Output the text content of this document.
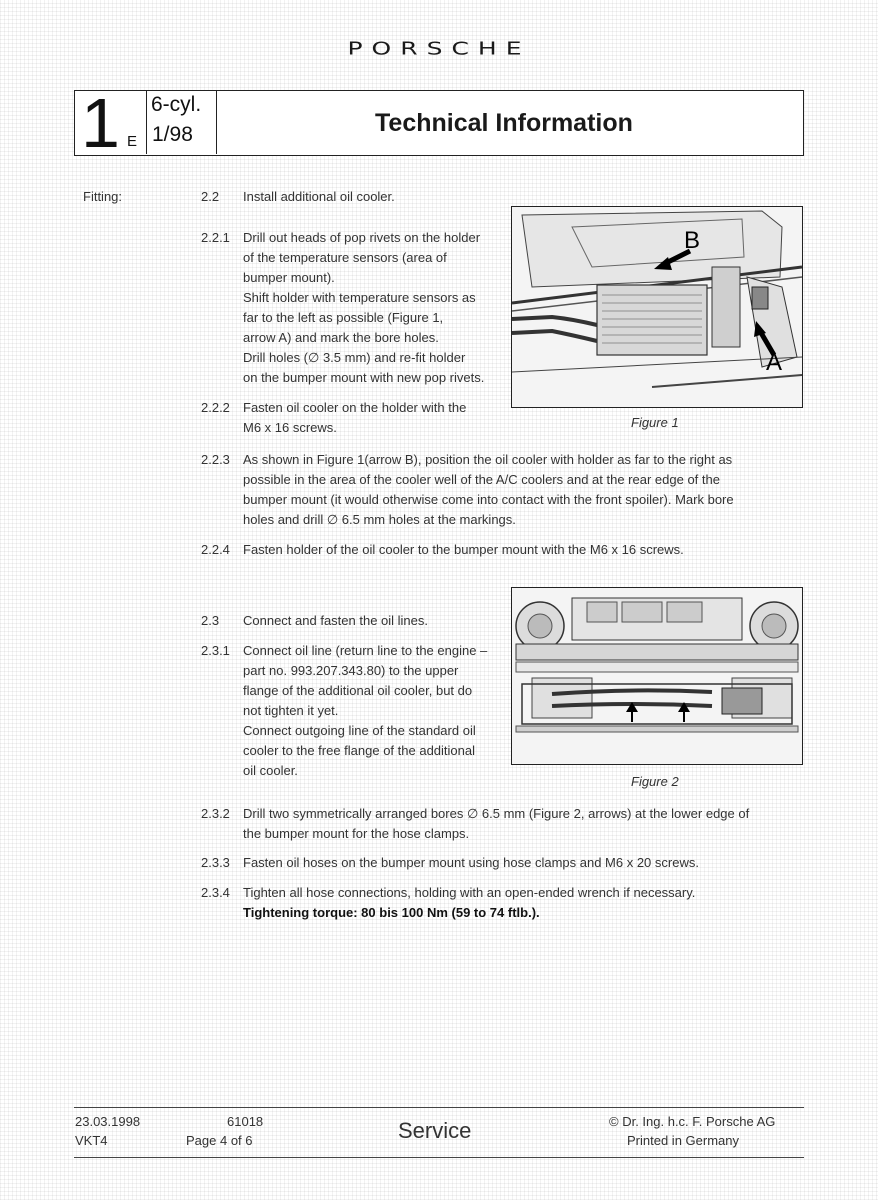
PORSCHE
1 E
6-cyl.
1/98	Technical Information
Fitting:	2.2 Install additional oil cooler.
2.2.1 Drill out heads of pop rivets on the holder
of the temperature sensors (area of
bumper mount).
Shift holder with temperature sensors as
far to the left as possible (Figure 1,
arrow A) and mark the bore holes.
Drill holes (∅ 3.5 mm) and re-fit holder
on the bumper mount with new pop rivets.
2.2.2 Fasten oil cooler on the holder with the
M6 x 16 screws.
B
A
Figure 1
2.2.3 As shown in Figure 1(arrow B), position the oil cooler with holder as far to the right as
possible in the area of the cooler well of the A/C coolers and at the rear edge of the
bumper mount (it would otherwise come into contact with the front spoiler). Mark bore
holes and drill ∅ 6.5 mm holes at the markings.
2.2.4 Fasten holder of the oil cooler to the bumper mount with the M6 x 16 screws.
2.3 Connect and fasten the oil lines.
2.3.1 Connect oil line (return line to the engine –
part no. 993.207.343.80) to the upper
flange of the additional oil cooler, but do
not tighten it yet.
Connect outgoing line of the standard oil
cooler to the free flange of the additional
oil cooler.
Figure 2
2.3.2 Drill two symmetrically arranged bores ∅ 6.5 mm (Figure 2, arrows) at the lower edge of
the bumper mount for the hose clamps.
2.3.3 Fasten oil hoses on the bumper mount using hose clamps and M6 x 20 screws.
2.3.4 Tighten all hose connections, holding with an open-ended wrench if necessary.
Tightening torque: 80 bis 100 Nm (59 to 74 ftlb.).
23.03.1998
VKT4
61018
Page 4 of 6	Service	© Dr. Ing. h.c. F. Porsche AG
Printed in Germany
